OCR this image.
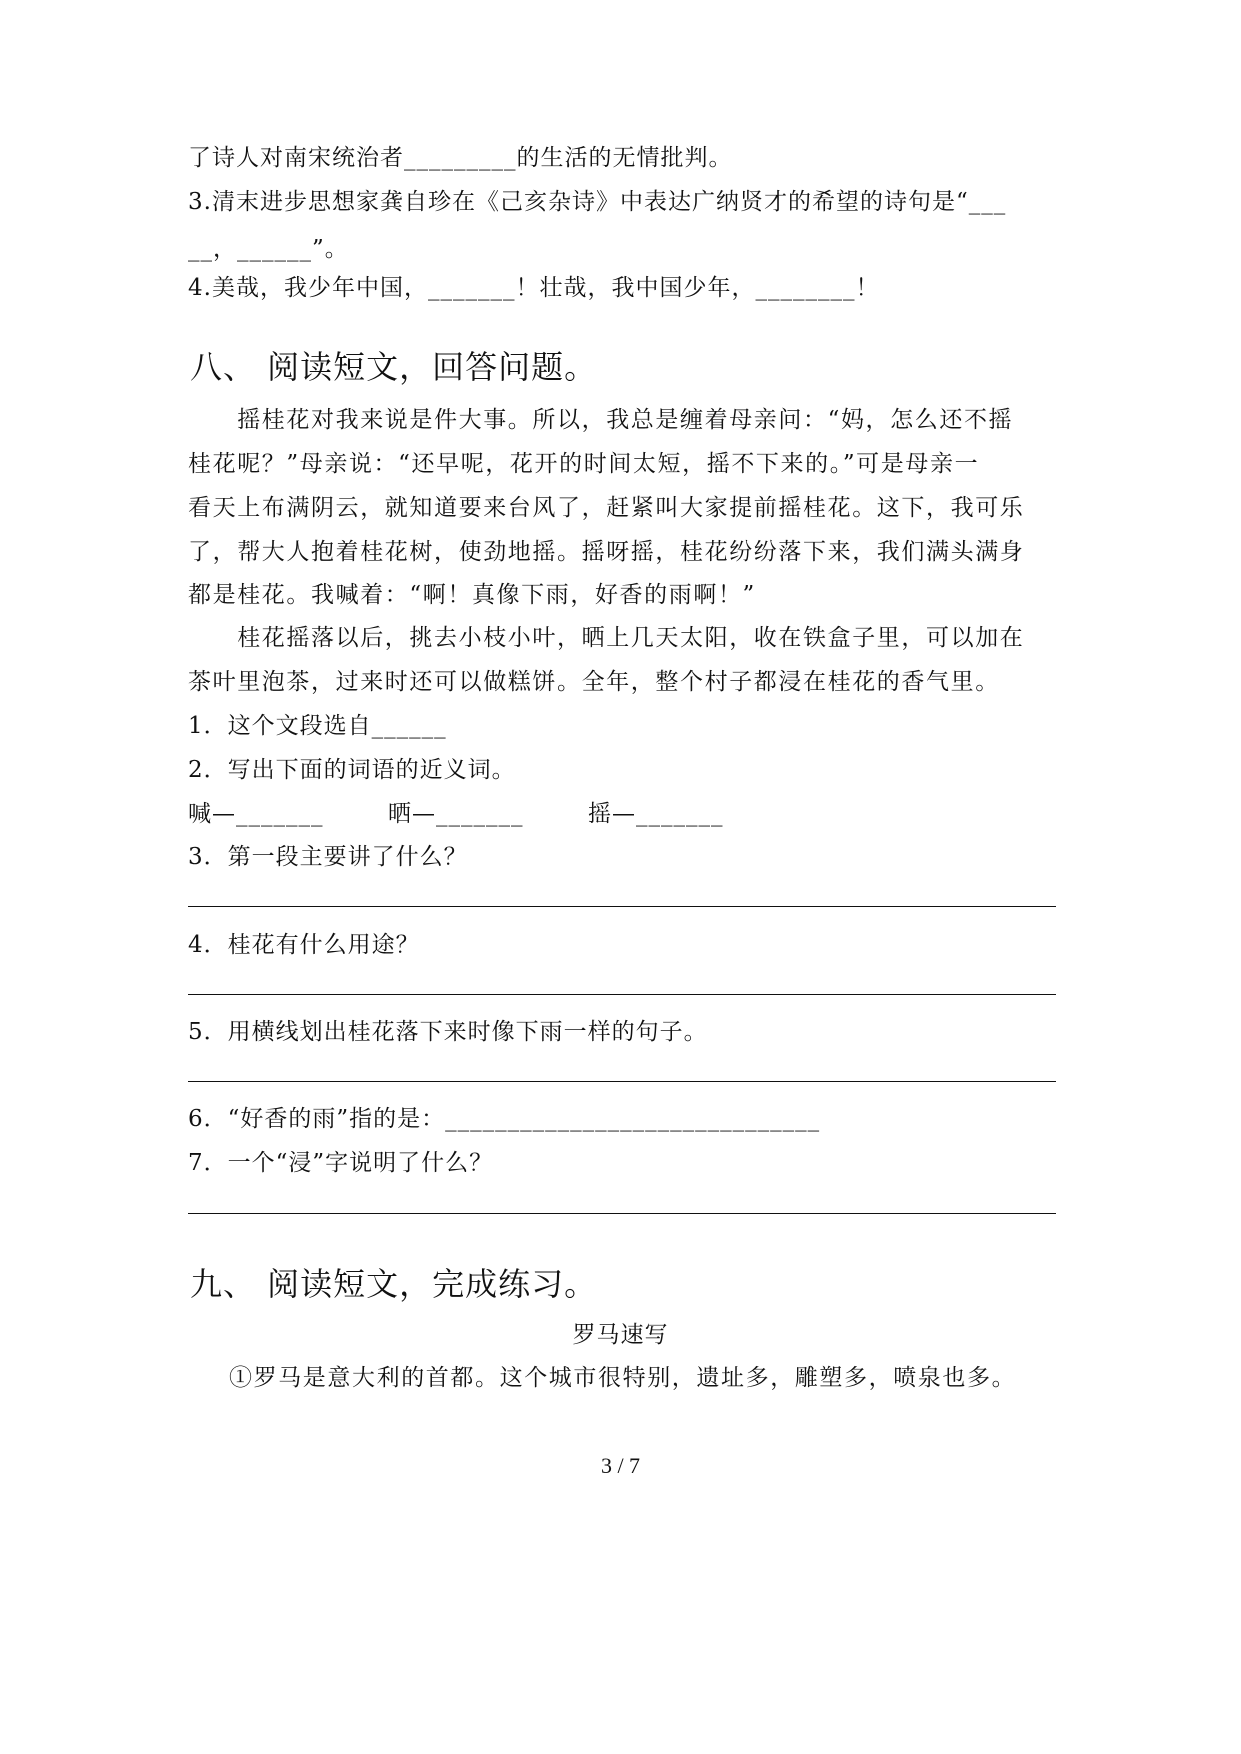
了诗人对南宋统治者_________的生活的无情批判。
3.清末进步思想家龚自珍在《己亥杂诗》中表达广纳贤才的希望的诗句是“___
__，______”。
4.美哉，我少年中国，_______！壮哉，我中国少年，________！
八、 阅读短文，回答问题。
　　摇桂花对我来说是件大事。所以，我总是缠着母亲问：“妈，怎么还不摇
桂花呢？”母亲说：“还早呢，花开的时间太短，摇不下来的。”可是母亲一
看天上布满阴云，就知道要来台风了，赶紧叫大家提前摇桂花。这下，我可乐
了，帮大人抱着桂花树，使劲地摇。摇呀摇，桂花纷纷落下来，我们满头满身
都是桂花。我喊着：“啊！真像下雨，好香的雨啊！”
　　桂花摇落以后，挑去小枝小叶，晒上几天太阳，收在铁盒子里，可以加在
茶叶里泡茶，过来时还可以做糕饼。全年，整个村子都浸在桂花的香气里。
1．这个文段选自______
2．写出下面的词语的近义词。
喊—_______	晒—_______	摇—_______
3．第一段主要讲了什么？
4．桂花有什么用途？
5．用横线划出桂花落下来时像下雨一样的句子。
6．“好香的雨”指的是：______________________________
7．一个“浸”字说明了什么？
九、 阅读短文，完成练习。
罗马速写
①罗马是意大利的首都。这个城市很特别，遗址多，雕塑多，喷泉也多。
3 / 7
